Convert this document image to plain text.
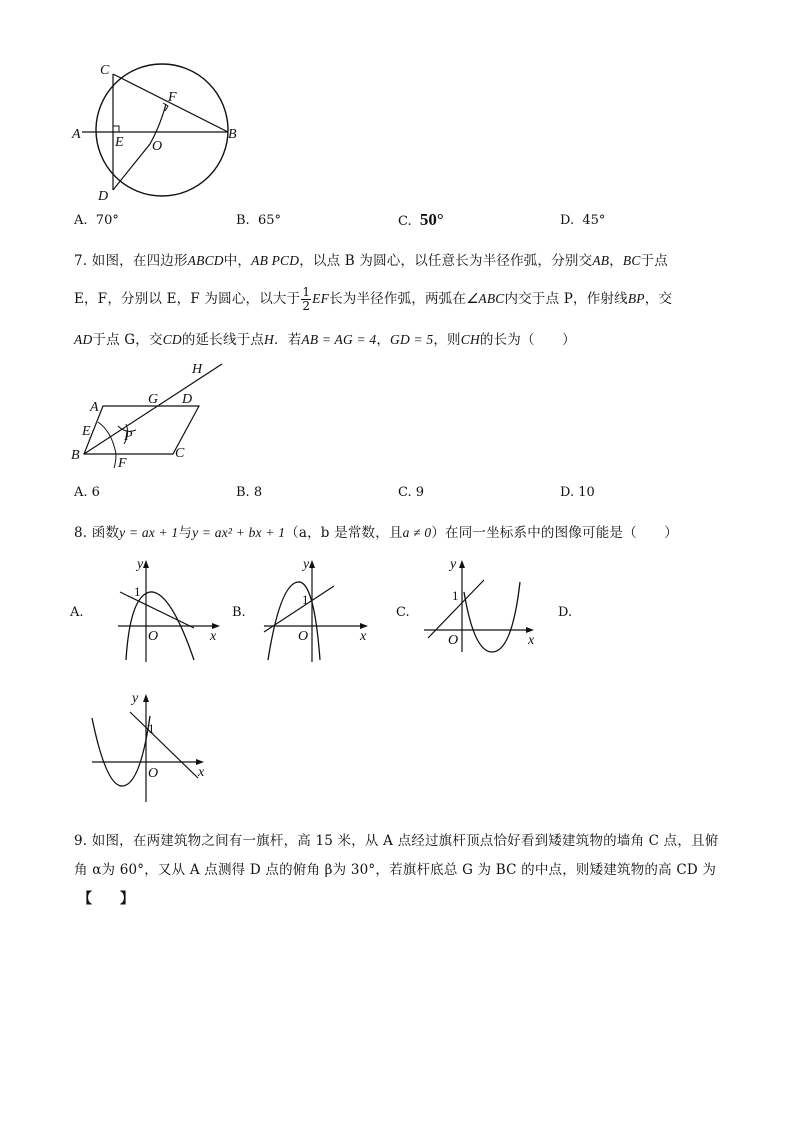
C
F
A	B
E O
D
A. 70°	B. 65°	C. 50°	D. 45°
7. 如图，在四边形ABCD中，AB PCD，以点 B 为圆心，以任意长为半径作弧，分别交AB，BC于点
E，F，分别以 E，F 为圆心，以大于 $\frac{1}{2}$ EF长为半径作弧，两弧在∠ABC内交于点 P，作射线BP，交
AD于点 G，交CD的延长线于点H．若AB = AG = 4，GD = 5，则CH的长为（　　）
H
G D
A
E P
B
F
C
A. 6	B. 8	C. 9	D. 10
8. 函数y = ax + 1与y = ax² + bx + 1（a，b 是常数，且a ≠ 0）在同一坐标系中的图像可能是（　　）
A.	B.	C.	D.
y
x
O
1
y
x
O
1
y
x
O
1
y
x
O
1
9. 如图，在两建筑物之间有一旗杆，高 15 米，从 A 点经过旗杆顶点恰好看到矮建筑物的墙角 C 点，且俯
角 α为 60°，又从 A 点测得 D 点的俯角 β为 30°，若旗杆底总 G 为 BC 的中点，则矮建筑物的高 CD 为
【　　】
